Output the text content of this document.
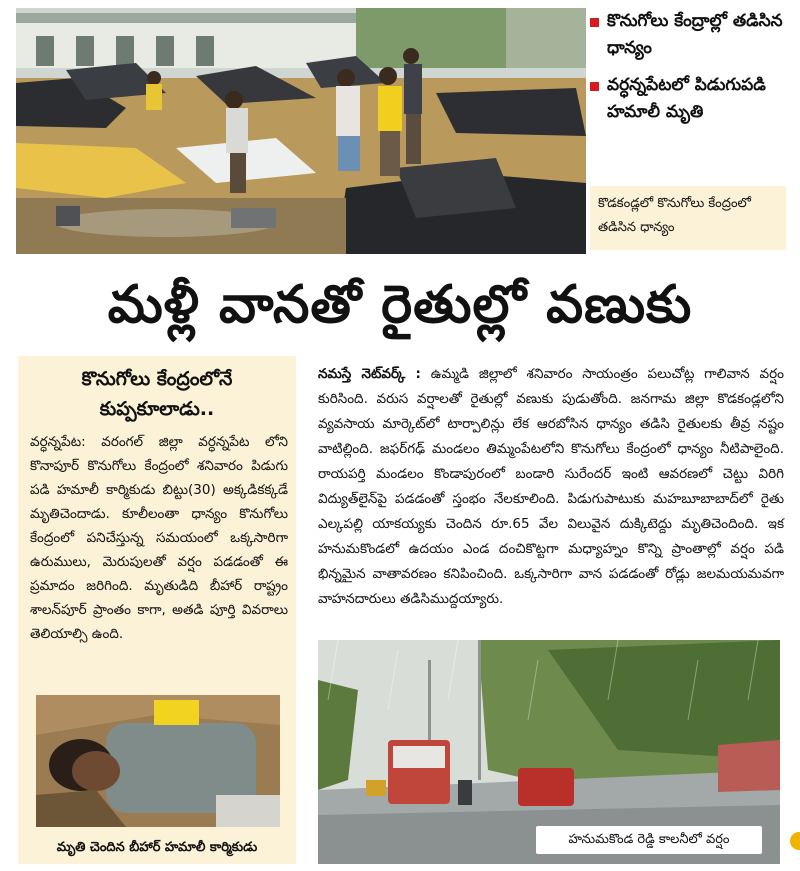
కొనుగోలు కేంద్రాల్లో తడిసిన ధాన్యం
వర్ధన్నపేటలో పిడుగుపడి హమాలీ మృతి
కొడకండ్లలో కొనుగోలు కేంద్రంలో తడిసిన ధాన్యం
మళ్లీ వానతో రైతుల్లో వణుకు
కొనుగోలు కేంద్రంలోనే కుప్పకూలాడు..
వర్ధన్నపేట: వరంగల్‌ జిల్లా వర్ధన్నపేట లోని కొనాపూర్‌ కొనుగోలు కేంద్రంలో శనివారం పిడుగు పడి హమాలీ కార్మికుడు బిట్టు(30) అక్కడికక్కడే మృతిచెందాడు. కూలీలంతా ధాన్యం కొనుగోలు కేంద్రంలో పనిచేస్తున్న సమయంలో ఒక్కసారిగా ఉరుములు, మెరుపులతో వర్షం పడడంతో ఈ ప్రమాదం జరిగింది. మృతుడిది బీహార్‌ రాష్ట్రం శాలన్‌పూర్‌ ప్రాంతం కాగా, అతడి పూర్తి వివరాలు తెలియాల్సి ఉంది.
మృతి చెందిన బీహార్‌ హమాలీ కార్మికుడు
నమస్తే నెట్‌వర్క్‌ : ఉమ్మడి జిల్లాలో శనివారం సాయంత్రం పలుచోట్ల గాలివాన వర్షం కురిసింది. వరుస వర్షాలతో రైతుల్లో వణుకు పుడుతోంది. జనగామ జిల్లా కొడకండ్లలోని వ్యవసాయ మార్కెట్‌లో టార్పాలిన్లు లేక ఆరబోసిన ధాన్యం తడిసి రైతులకు తీవ్ర నష్టం వాటిల్లింది. జఫర్‌గఢ్‌ మండలం తిమ్మంపేటలోని కొనుగోలు కేంద్రంలో ధాన్యం నీటిపాలైంది. రాయపర్తి మండలం కొండాపురంలో బండారి సురేందర్‌ ఇంటి ఆవరణలో చెట్టు విరిగి విద్యుత్‌లైన్‌పై పడడంతో స్తంభం నేలకూలింది. పిడుగుపాటుకు మహబూబాబాద్‌లో రైతు ఎల్కపల్లి యాకయ్యకు చెందిన రూ.65 వేల విలువైన దుక్కిటెద్దు మృతిచెందింది. ఇక హనుమకొండలో ఉదయం ఎండ దంచికొట్టగా మధ్యాహ్నం కొన్ని ప్రాంతాల్లో వర్షం పడి భిన్నమైన వాతావరణం కనిపించింది. ఒక్కసారిగా వాన పడడంతో రోడ్లు జలమయమవగా వాహనదారులు తడిసిముద్దయ్యారు.
హనుమకొండ రెడ్డి కాలనీలో వర్షం
